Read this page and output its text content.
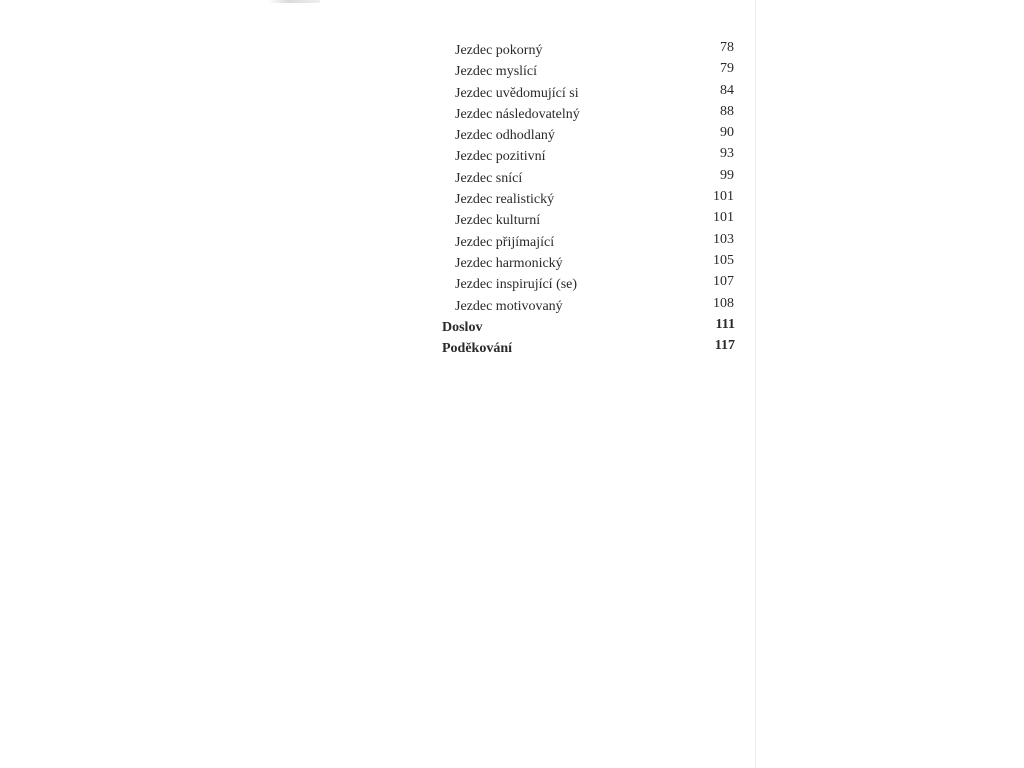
Jezdec pokorný	78
Jezdec myslící	79
Jezdec uvědomující si	84
Jezdec následovatelný	88
Jezdec odhodlaný	90
Jezdec pozitivní	93
Jezdec snící	99
Jezdec realistický	101
Jezdec kulturní	101
Jezdec přijímající	103
Jezdec harmonický	105
Jezdec inspirující (se)	107
Jezdec motivovaný	108
Doslov	111
Poděkování	117
